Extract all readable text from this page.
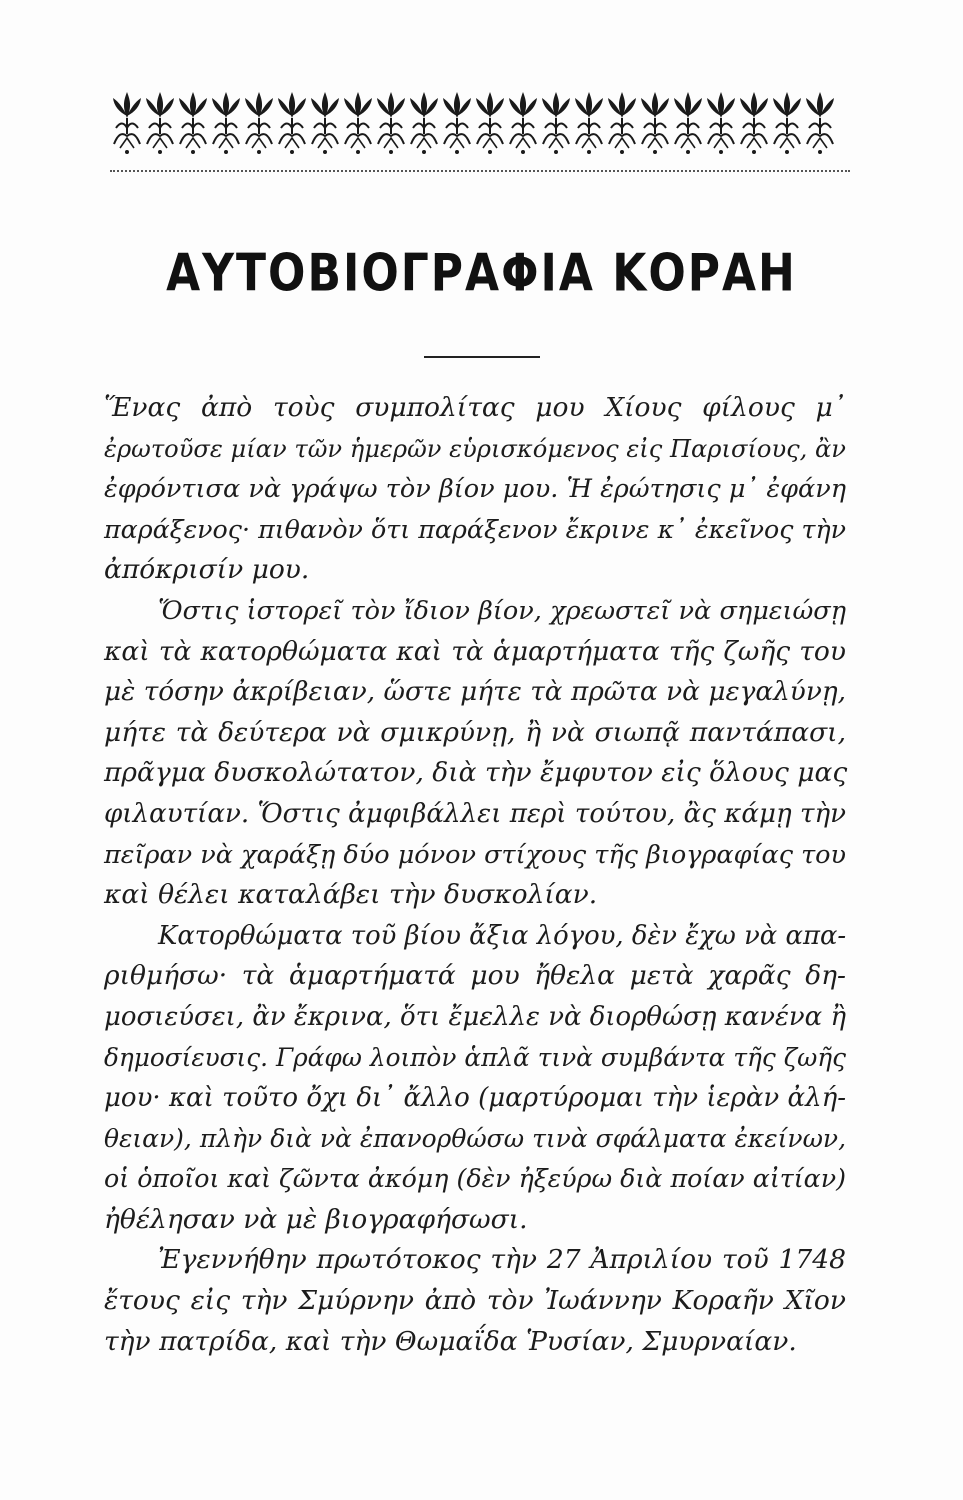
ΑΥΤΟΒΙΟΓΡΑΦΙΑ ΚΟΡΑΗ
Ἕνας ἀπὸ τοὺς συμπολίτας μου Χίους φίλους μ᾿
ἐρωτοῦσε μίαν τῶν ἡμερῶν εὑρισκόμενος εἰς Παρισίους, ἂν
ἐφρόντισα νὰ γράψω τὸν βίον μου. Ἡ ἐρώτησις μ᾿ ἐφάνη
παράξενος· πιθανὸν ὅτι παράξενον ἔκρινε κ᾿ ἐκεῖνος τὴν
ἀπόκρισίν μου.
Ὅστις ἱστορεῖ τὸν ἴδιον βίον, χρεωστεῖ νὰ σημειώσῃ
καὶ τὰ κατορθώματα καὶ τὰ ἁμαρτήματα τῆς ζωῆς του
μὲ τόσην ἀκρίβειαν, ὥστε μήτε τὰ πρῶτα νὰ μεγαλύνῃ,
μήτε τὰ δεύτερα νὰ σμικρύνῃ, ἢ νὰ σιωπᾷ παντάπασι,
πρᾶγμα δυσκολώτατον, διὰ τὴν ἔμφυτον εἰς ὅλους μας
φιλαυτίαν. Ὅστις ἀμφιβάλλει περὶ τούτου, ἂς κάμῃ τὴν
πεῖραν νὰ χαράξῃ δύο μόνον στίχους τῆς βιογραφίας του
καὶ θέλει καταλάβει τὴν δυσκολίαν.
Κατορθώματα τοῦ βίου ἄξια λόγου, δὲν ἔχω νὰ απα-
ριθμήσω· τὰ ἁμαρτήματά μου ἤθελα μετὰ χαρᾶς δη-
μοσιεύσει, ἂν ἔκρινα, ὅτι ἔμελλε νὰ διορθώσῃ κανένα ἢ
δημοσίευσις. Γράφω λοιπὸν ἁπλᾶ τινὰ συμβάντα τῆς ζωῆς
μου· καὶ τοῦτο ὄχι δι᾿ ἄλλο (μαρτύρομαι τὴν ἱερὰν ἀλή-
θειαν), πλὴν διὰ νὰ ἐπανορθώσω τινὰ σφάλματα ἐκείνων,
οἱ ὁποῖοι καὶ ζῶντα ἀκόμη (δὲν ἠξεύρω διὰ ποίαν αἰτίαν)
ἠθέλησαν νὰ μὲ βιογραφήσωσι.
Ἐγεννήθην πρωτότοκος τὴν 27 Ἀπριλίου τοῦ 1748
ἔτους εἰς τὴν Σμύρνην ἀπὸ τὸν Ἰωάννην Κοραῆν Χῖον
τὴν πατρίδα, καὶ τὴν Θωμαΐδα Ῥυσίαν, Σμυρναίαν.
